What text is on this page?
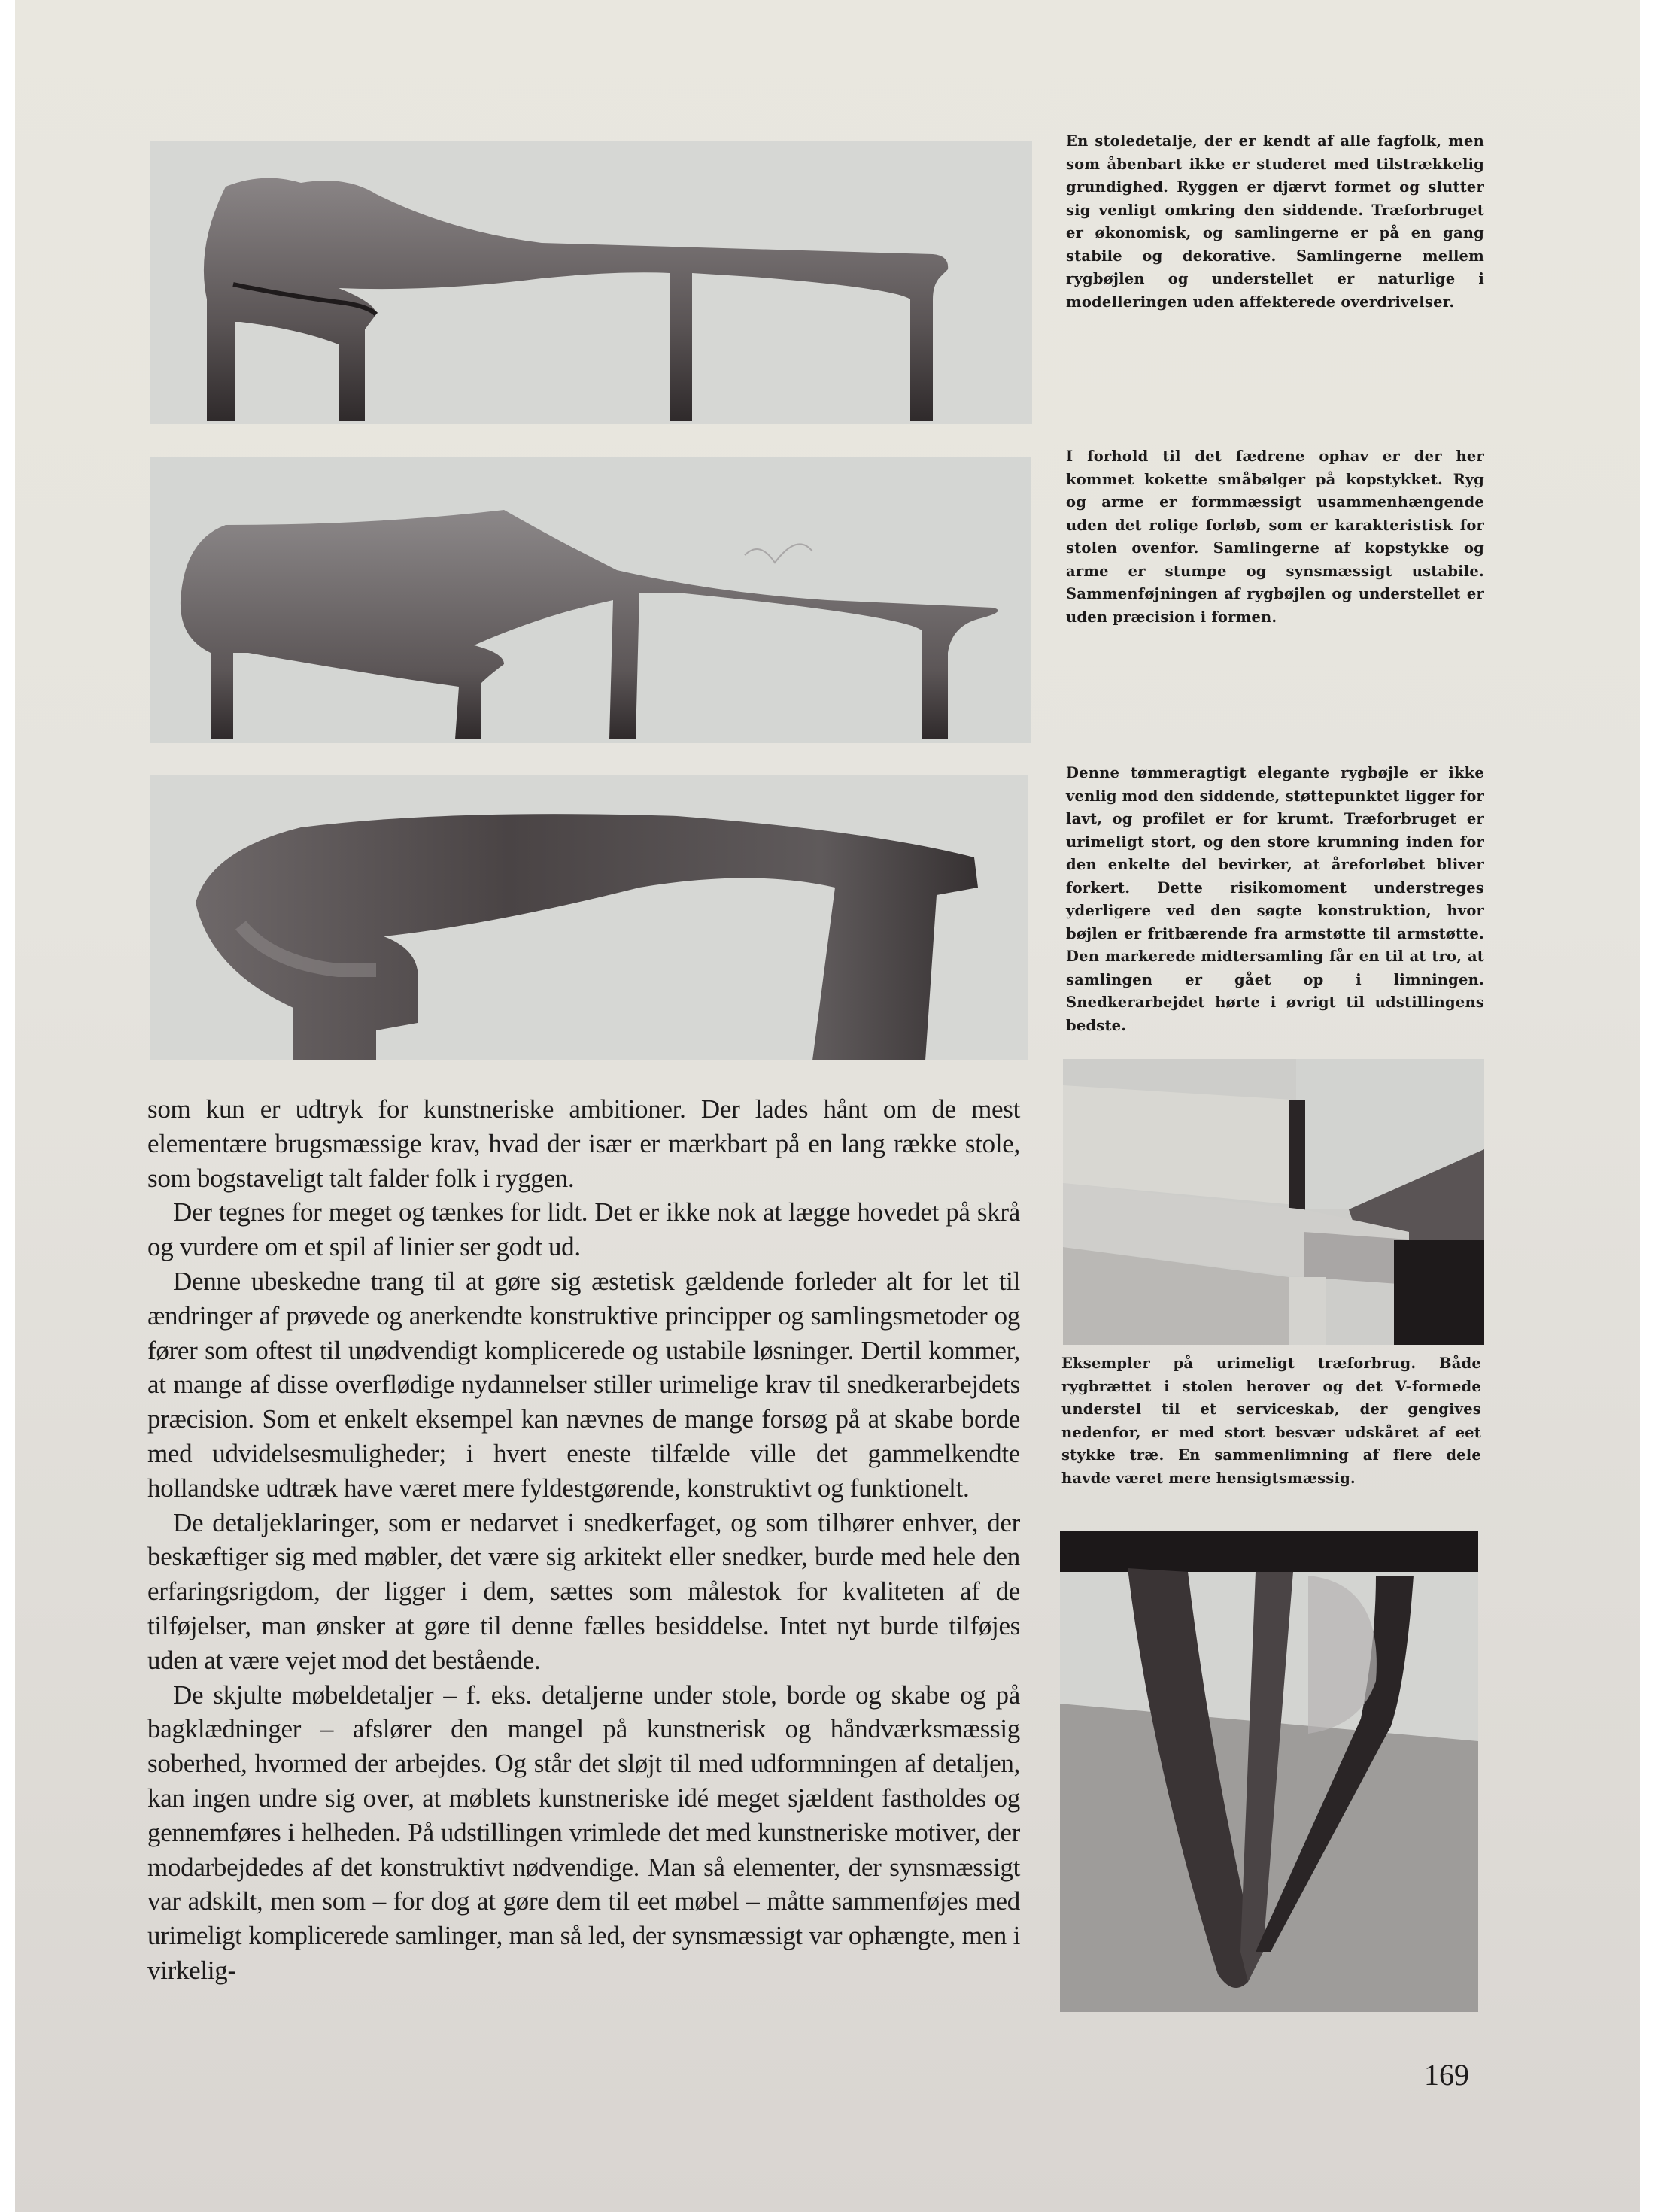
En stoledetalje, der er kendt af alle fagfolk, men som åbenbart ikke er studeret med tilstrækkelig grundighed. Ryggen er djærvt formet og slutter sig venligt omkring den siddende. Træforbruget er økonomisk, og samlingerne er på en gang stabile og dekorative. Samlingerne mellem rygbøjlen og understellet er naturlige i modelleringen uden affekterede overdrivelser.
I forhold til det fædrene ophav er der her kommet kokette småbølger på kopstykket. Ryg og arme er formmæssigt usammenhængende uden det rolige forløb, som er karakteristisk for stolen ovenfor. Samlingerne af kopstykke og arme er stumpe og synsmæssigt ustabile. Sammenføjningen af rygbøjlen og understellet er uden præcision i formen.
Denne tømmeragtigt elegante rygbøjle er ikke venlig mod den siddende, støttepunktet ligger for lavt, og profilet er for krumt. Træforbruget er urimeligt stort, og den store krumning inden for den enkelte del bevirker, at åreforløbet bliver forkert. Dette risikomoment understreges yderligere ved den søgte konstruktion, hvor bøjlen er fritbærende fra armstøtte til armstøtte. Den markerede midtersamling får en til at tro, at samlingen er gået op i limningen. Snedkerarbejdet hørte i øvrigt til udstillingens bedste.
Eksempler på urimeligt træforbrug. Både rygbrættet i stolen herover og det V-formede understel til et serviceskab, der gengives nedenfor, er med stort besvær udskåret af eet stykke træ. En sammenlimning af flere dele havde været mere hensigtsmæssig.

som kun er udtryk for kunstneriske ambitioner. Der lades hånt om de mest elementære brugsmæssige krav, hvad der især er mærkbart på en lang række stole, som bogstaveligt talt falder folk i ryggen.

Der tegnes for meget og tænkes for lidt. Det er ikke nok at lægge hovedet på skrå og vurdere om et spil af linier ser godt ud.

Denne ubeskedne trang til at gøre sig æstetisk gældende forleder alt for let til ændringer af prøvede og anerkendte konstruktive principper og samlingsmetoder og fører som oftest til unødvendigt komplicerede og ustabile løsninger. Dertil kommer, at mange af disse overflødige nydannelser stiller urimelige krav til snedkerarbejdets præcision. Som et enkelt eksempel kan nævnes de mange forsøg på at skabe borde med udvidelsesmuligheder; i hvert eneste tilfælde ville det gammelkendte hollandske udtræk have været mere fyldestgørende, konstruktivt og funktionelt.

De detaljeklaringer, som er nedarvet i snedkerfaget, og som tilhører enhver, der beskæftiger sig med møbler, det være sig arkitekt eller snedker, burde med hele den erfaringsrigdom, der ligger i dem, sættes som målestok for kvaliteten af de tilføjelser, man ønsker at gøre til denne fælles besiddelse. Intet nyt burde tilføjes uden at være vejet mod det bestående.

De skjulte møbeldetaljer – f. eks. detaljerne under stole, borde og skabe og på bagklædninger – afslører den mangel på kunstnerisk og håndværksmæssig soberhed, hvormed der arbejdes. Og står det sløjt til med udformningen af detaljen, kan ingen undre sig over, at møblets kunstneriske idé meget sjældent fastholdes og gennemføres i helheden. På udstillingen vrimlede det med kunstneriske motiver, der modarbejdedes af det konstruktivt nødvendige. Man så elementer, der synsmæssigt var adskilt, men som – for dog at gøre dem til eet møbel – måtte sammenføjes med urimeligt komplicerede samlinger, man så led, der synsmæssigt var ophængte, men i virkelig-

169
